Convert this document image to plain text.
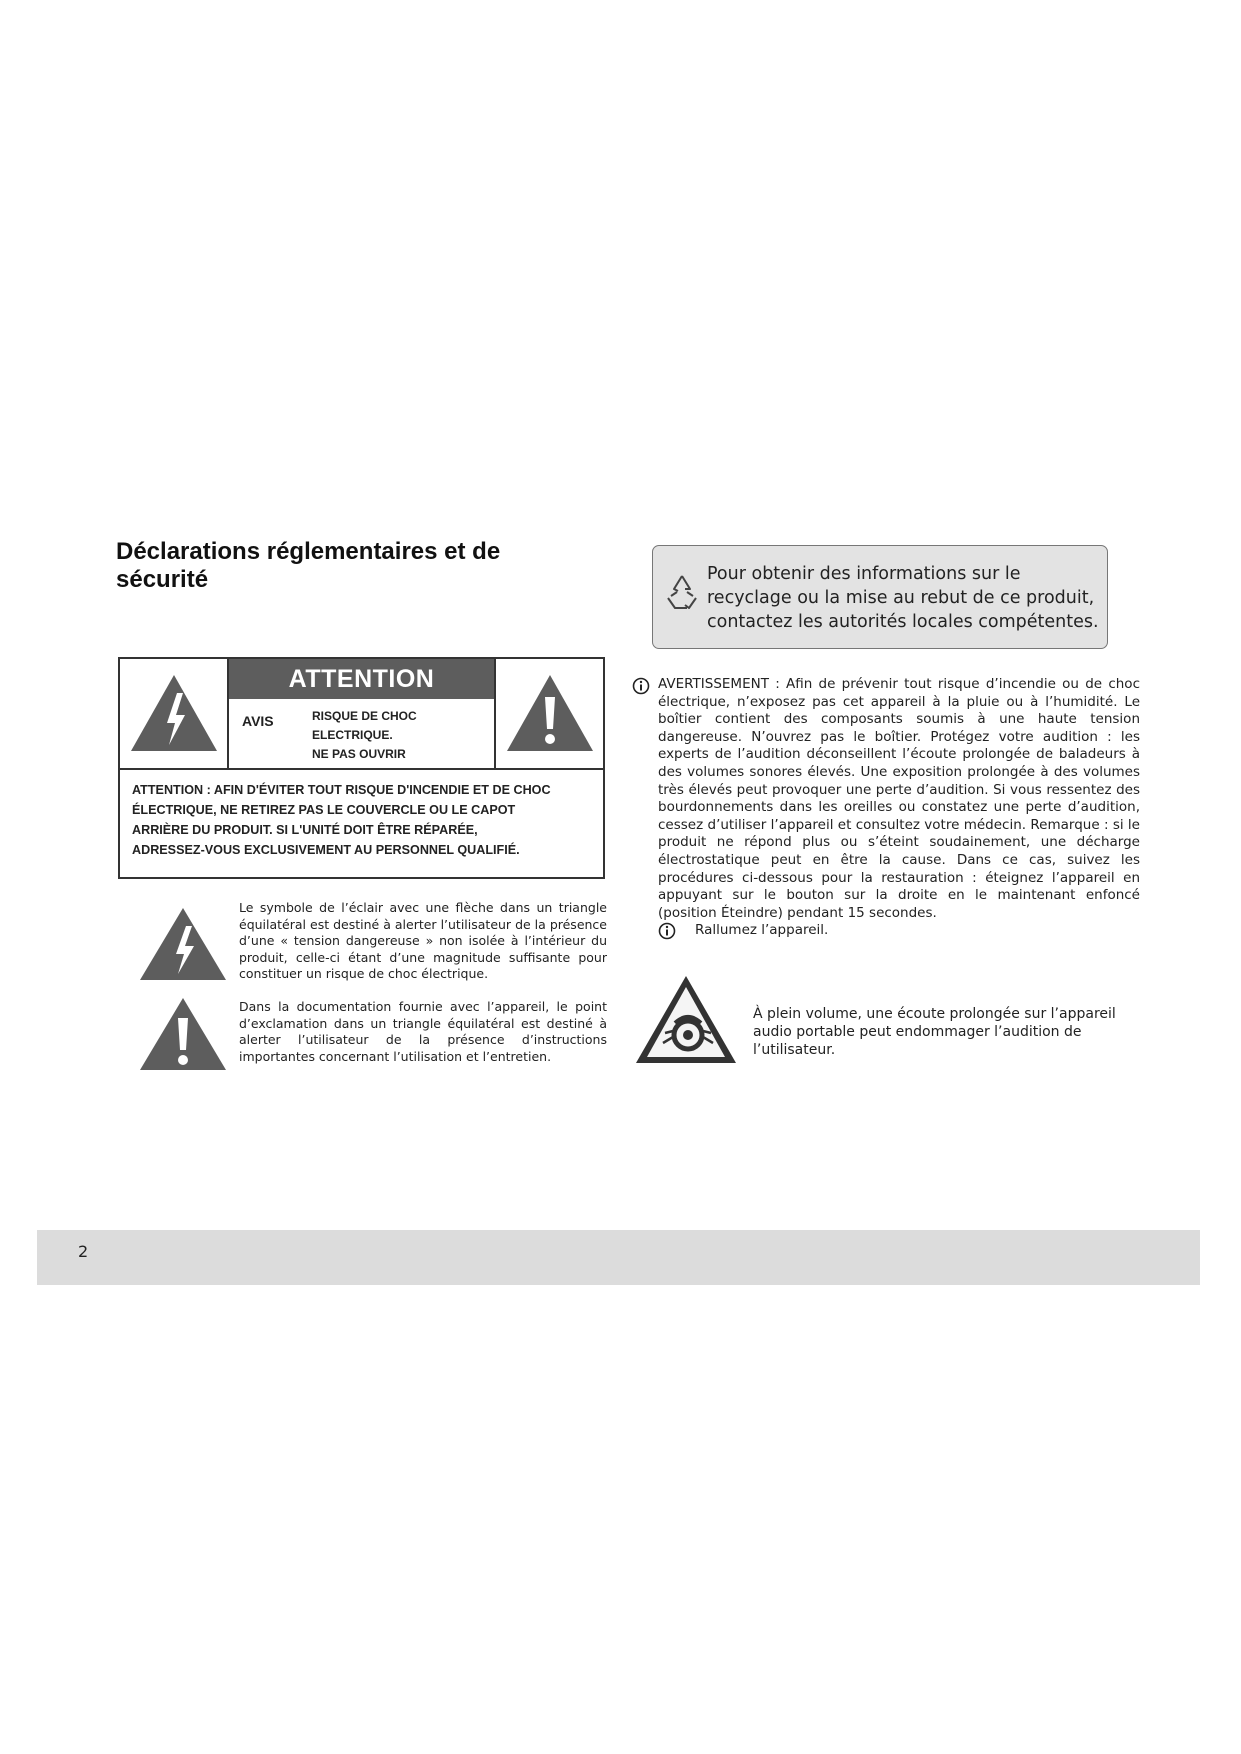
Déclarations réglementaires et de sécurité	Pour obtenir des informations sur le recyclage ou la mise au rebut de ce produit, contactez les autorités locales compétentes.
ATTENTION
AVIS	RISQUE DE CHOC ELECTRIQUE.
NE PAS OUVRIR
ATTENTION : AFIN D'ÉVITER TOUT RISQUE D'INCENDIE ET DE CHOC
ÉLECTRIQUE, NE RETIREZ PAS LE COUVERCLE OU LE CAPOT
ARRIÈRE DU PRODUIT. SI L'UNITÉ DOIT ÊTRE RÉPARÉE,
ADRESSEZ-VOUS EXCLUSIVEMENT AU PERSONNEL QUALIFIÉ.
Le symbole de l’éclair avec une flèche dans un triangle équilatéral est destiné à alerter l’utilisateur de la présence d’une « tension dangereuse » non isolée à l’intérieur du produit, celle-ci étant d’une magnitude suffisante pour constituer un risque de choc électrique.
Dans la documentation fournie avec l’appareil, le point d’exclamation dans un triangle équilatéral est destiné à alerter l’utilisateur de la présence d’instructions importantes concernant l’utilisation et l’entretien.
AVERTISSEMENT : Afin de prévenir tout risque d’incendie ou de choc électrique, n’exposez pas cet appareil à la pluie ou à l’humidité. Le boîtier contient des composants soumis à une haute tension dangereuse. N’ouvrez pas le boîtier. Protégez votre audition : les experts de l’audition déconseillent l’écoute prolongée de baladeurs à des volumes sonores élevés. Une exposition prolongée à des volumes très élevés peut provoquer une perte d’audition. Si vous ressentez des bourdonnements dans les oreilles ou constatez une perte d’audition, cessez d’utiliser l’appareil et consultez votre médecin. Remarque : si le produit ne répond plus ou s’éteint soudainement, une décharge électrostatique peut en être la cause. Dans ce cas, suivez les procédures ci-dessous pour la restauration : éteignez l’appareil en appuyant sur le bouton sur la droite en le maintenant enfoncé (position Éteindre) pendant 15 secondes.
Rallumez l’appareil.
À plein volume, une écoute prolongée sur l’appareil audio portable peut endommager l’audition de l’utilisateur.
2
